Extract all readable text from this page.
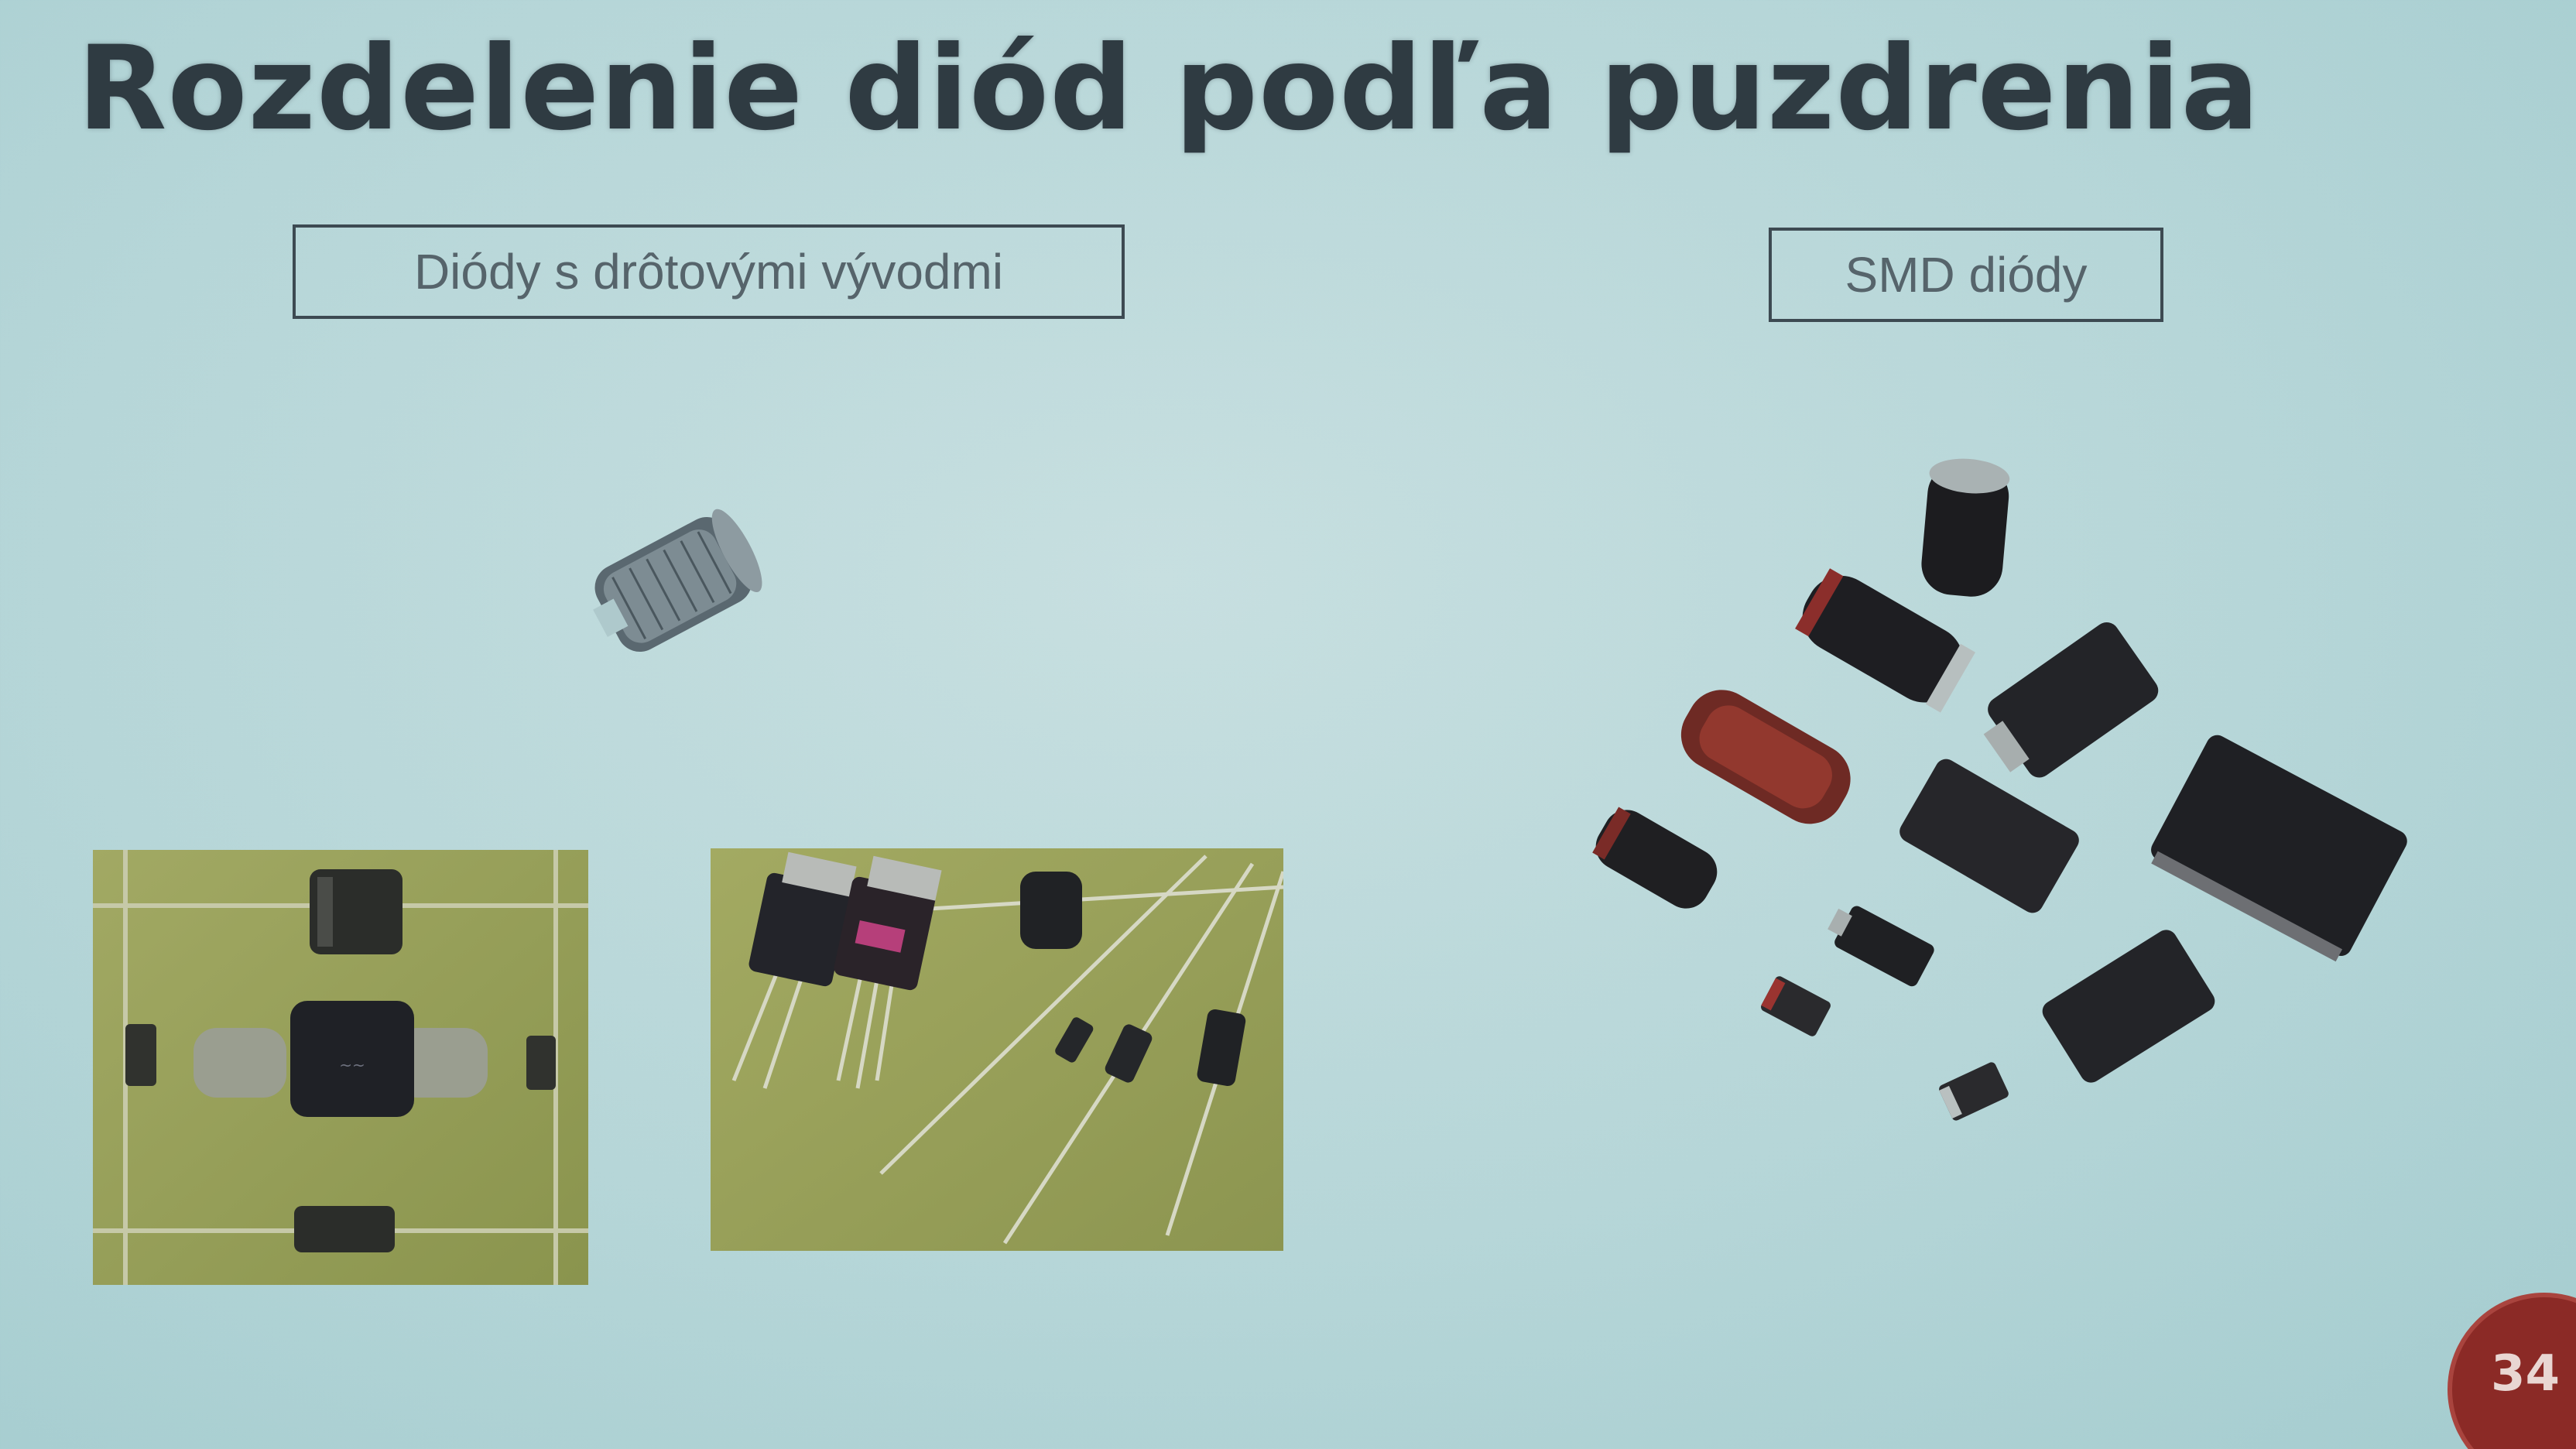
Rozdelenie diód podľa puzdrenia
Diódy s drôtovými vývodmi	SMD diódy
~~
34
